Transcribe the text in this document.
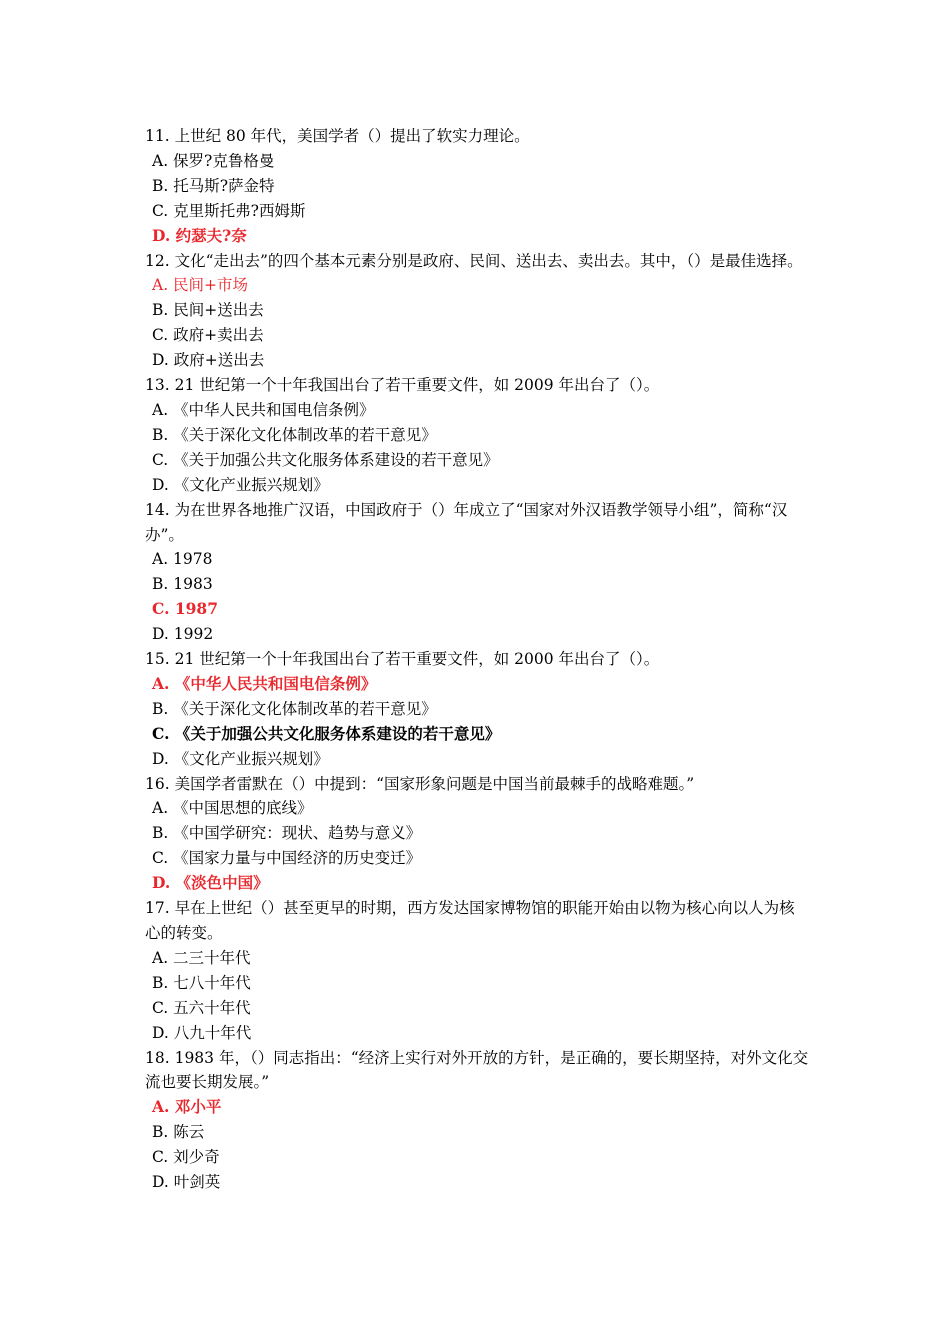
11. 上世纪 80 年代，美国学者（）提出了软实力理论。
A. 保罗?克鲁格曼
B. 托马斯?萨金特
C. 克里斯托弗?西姆斯
D. 约瑟夫?奈
12. 文化“走出去”的四个基本元素分别是政府、民间、送出去、卖出去。其中，（）是最佳选择。
A. 民间+市场
B. 民间+送出去
C. 政府+卖出去
D. 政府+送出去
13. 21 世纪第一个十年我国出台了若干重要文件，如 2009 年出台了（）。
A. 《中华人民共和国电信条例》
B. 《关于深化文化体制改革的若干意见》
C. 《关于加强公共文化服务体系建设的若干意见》
D. 《文化产业振兴规划》
14. 为在世界各地推广汉语，中国政府于（）年成立了“国家对外汉语教学领导小组”，简称“汉办”。
A. 1978
B. 1983
C. 1987
D. 1992
15. 21 世纪第一个十年我国出台了若干重要文件，如 2000 年出台了（）。
A. 《中华人民共和国电信条例》
B. 《关于深化文化体制改革的若干意见》
C. 《关于加强公共文化服务体系建设的若干意见》
D. 《文化产业振兴规划》
16. 美国学者雷默在（）中提到：“国家形象问题是中国当前最棘手的战略难题。”
A. 《中国思想的底线》
B. 《中国学研究：现状、趋势与意义》
C. 《国家力量与中国经济的历史变迁》
D. 《淡色中国》
17. 早在上世纪（）甚至更早的时期，西方发达国家博物馆的职能开始由以物为核心向以人为核心的转变。
A. 二三十年代
B. 七八十年代
C. 五六十年代
D. 八九十年代
18. 1983 年，（）同志指出：“经济上实行对外开放的方针，是正确的，要长期坚持，对外文化交流也要长期发展。”
A. 邓小平
B. 陈云
C. 刘少奇
D. 叶剑英
